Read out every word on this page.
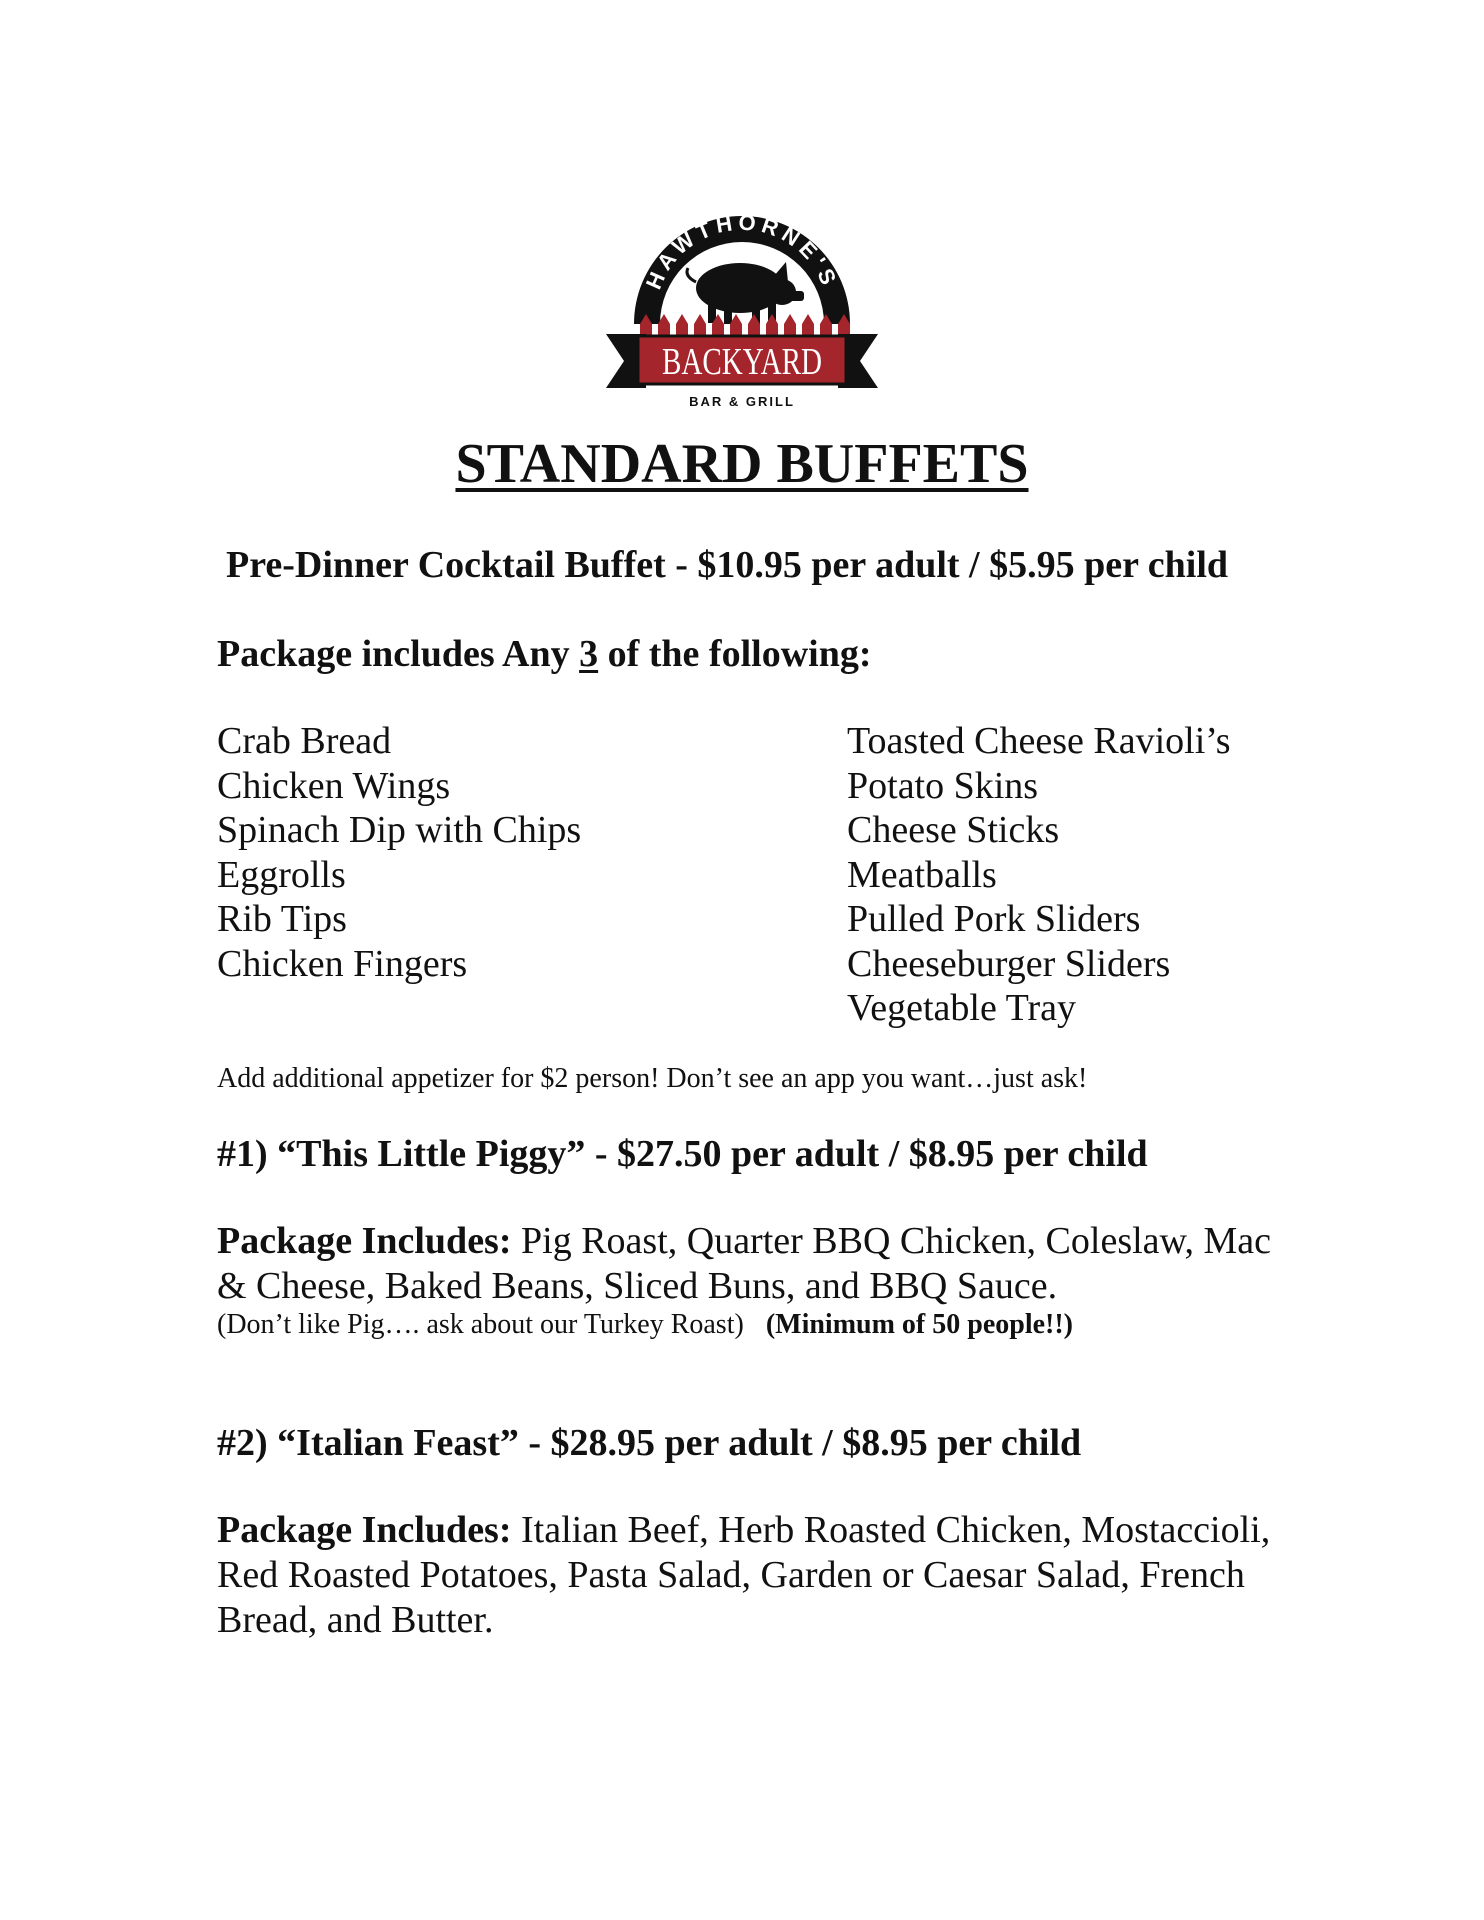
HAWTHORNE'S
BACKYARD
BAR & GRILL
STANDARD BUFFETS
Pre-Dinner Cocktail Buffet - $10.95 per adult / $5.95 per child
Package includes Any 3 of the following:
Crab Bread
Chicken Wings
Spinach Dip with Chips
Eggrolls
Rib Tips
Chicken Fingers
Toasted Cheese Ravioli’s
Potato Skins
Cheese Sticks
Meatballs
Pulled Pork Sliders
Cheeseburger Sliders
Vegetable Tray
Add additional appetizer for $2 person! Don’t see an app you want…just ask!
#1) “This Little Piggy” - $27.50 per adult / $8.95 per child
Package Includes: Pig Roast, Quarter BBQ Chicken, Coleslaw, Mac & Cheese, Baked Beans, Sliced Buns, and BBQ Sauce.
(Don’t like Pig…. ask about our Turkey Roast) (Minimum of 50 people!!)
#2) “Italian Feast” - $28.95 per adult / $8.95 per child
Package Includes: Italian Beef, Herb Roasted Chicken, Mostaccioli, Red Roasted Potatoes, Pasta Salad, Garden or Caesar Salad, French Bread, and Butter.
